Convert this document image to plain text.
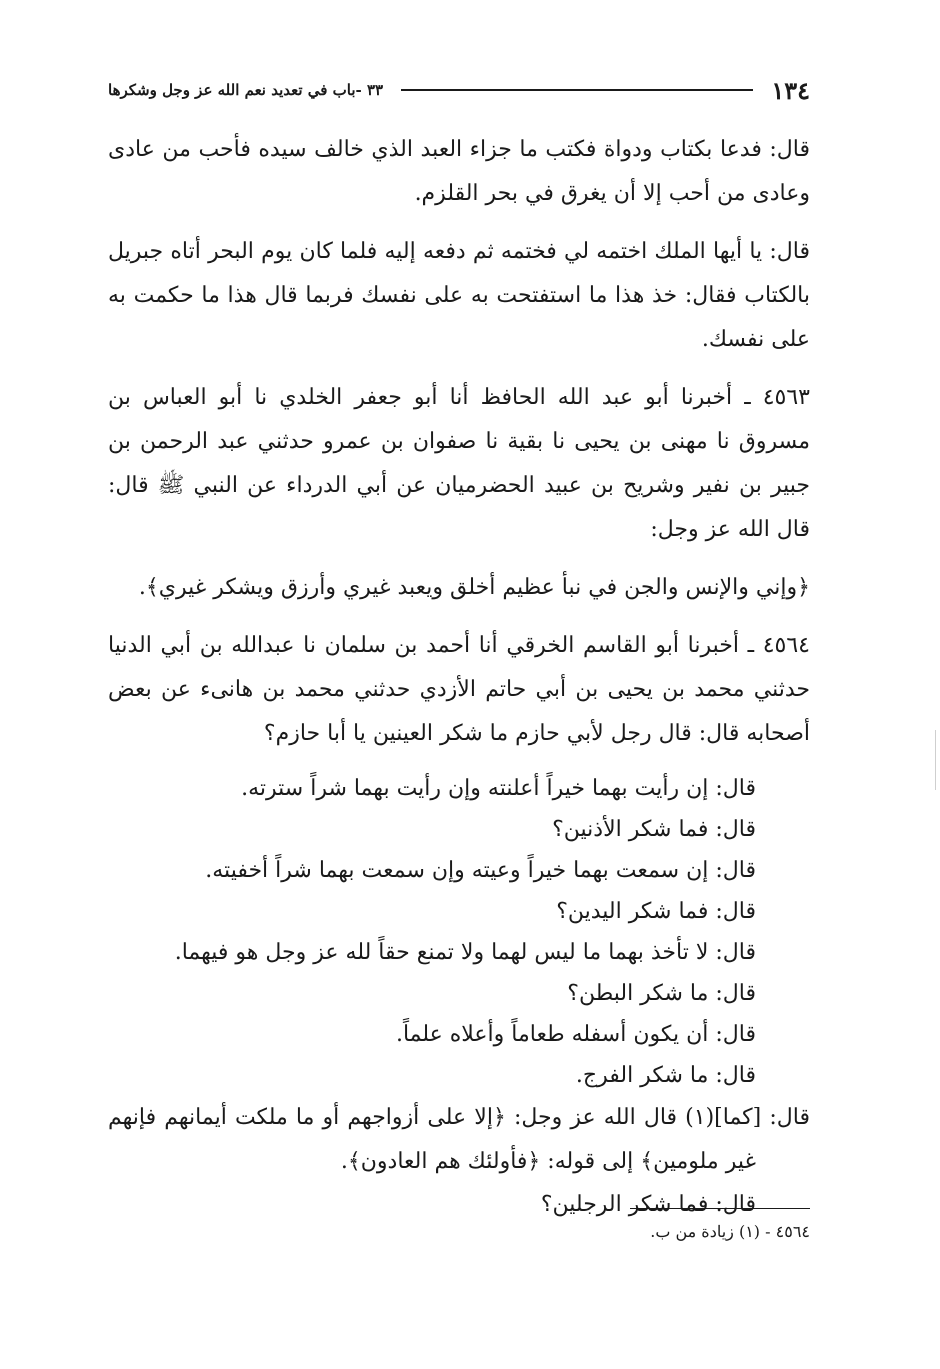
١٣٤
٣٣ -باب في تعديد نعم الله عز وجل وشكرها

قال: فدعا بكتاب ودواة فكتب ما جزاء العبد الذي خالف سيده فأحب من عادى وعادى من أحب إلا أن يغرق في بحر القلزم.

قال: يا أيها الملك اختمه لي فختمه ثم دفعه إليه فلما كان يوم البحر أتاه جبريل بالكتاب فقال: خذ هذا ما استفتحت به على نفسك فربما قال هذا ما حكمت به على نفسك.

٤٥٦٣ ـ أخبرنا أبو عبد الله الحافظ أنا أبو جعفر الخلدي نا أبو العباس بن مسروق نا مهنى بن يحيى نا بقية نا صفوان بن عمرو حدثني عبد الرحمن بن جبير بن نفير وشريح بن عبيد الحضرميان عن أبي الدرداء عن النبي ﷺ قال: قال الله عز وجل:

﴿وإني والإنس والجن في نبأ عظيم أخلق ويعبد غيري وأرزق ويشكر غيري﴾.

٤٥٦٤ ـ أخبرنا أبو القاسم الخرقي أنا أحمد بن سلمان نا عبدالله بن أبي الدنيا حدثني محمد بن يحيى بن أبي حاتم الأزدي حدثني محمد بن هانىء عن بعض أصحابه قال: قال رجل لأبي حازم ما شكر العينين يا أبا حازم؟

قال: إن رأيت بهما خيراً أعلنته وإن رأيت بهما شراً سترته.

قال: فما شكر الأذنين؟

قال: إن سمعت بهما خيراً وعيته وإن سمعت بهما شراً أخفيته.

قال: فما شكر اليدين؟

قال: لا تأخذ بهما ما ليس لهما ولا تمنع حقاً لله عز وجل هو فيهما.

قال: ما شكر البطن؟

قال: أن يكون أسفله طعاماً وأعلاه علماً.

قال: ما شكر الفرج.

قال: [كما](١) قال الله عز وجل: ﴿إلا على أزواجهم أو ما ملكت أيمانهم فإنهم غير ملومين﴾ إلى قوله: ﴿فأولئك هم العادون﴾.

قال: فما شكر الرجلين؟

٤٥٦٤ - (١) زيادة من ب.
